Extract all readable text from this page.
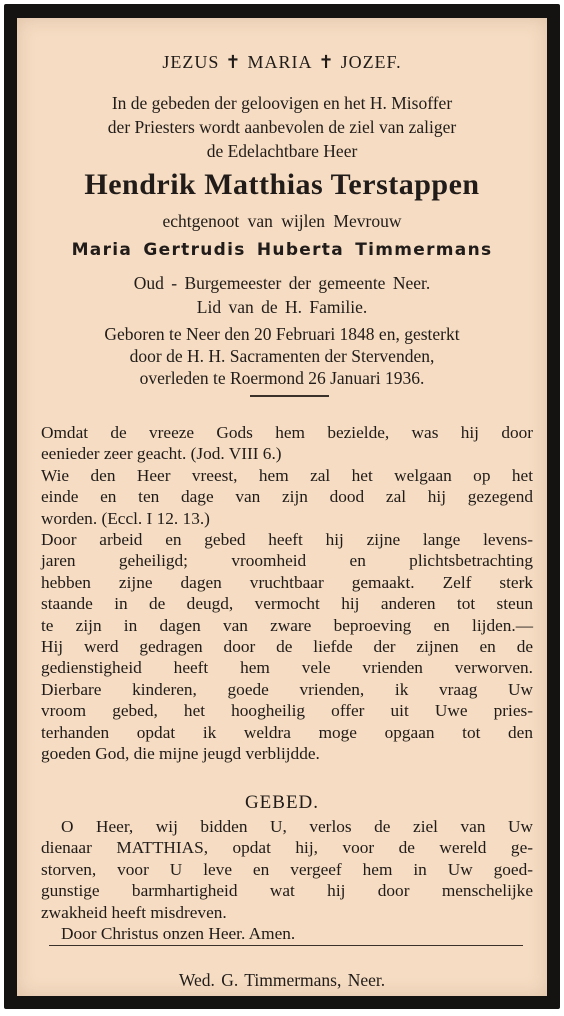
JEZUS ✝ MARIA ✝ JOZEF.
In de gebeden der geloovigen en het H. Misoffer
der Priesters wordt aanbevolen de ziel van zaliger
de Edelachtbare Heer
Hendrik Matthias Terstappen
echtgenoot van wijlen Mevrouw
Maria Gertrudis Huberta Timmermans
Oud - Burgemeester der gemeente Neer.
Lid van de H. Familie.
Geboren te Neer den 20 Februari 1848 en, gesterkt
door de H. H. Sacramenten der Stervenden,
overleden te Roermond 26 Januari 1936.
Omdat de vreeze Gods hem bezielde, was hij door
eenieder zeer geacht. (Jod. VIII 6.)
Wie den Heer vreest, hem zal het welgaan op het
einde en ten dage van zijn dood zal hij gezegend
worden. (Eccl. I 12. 13.)
Door arbeid en gebed heeft hij zijne lange levens-
jaren geheiligd; vroomheid en plichtsbetrachting
hebben zijne dagen vruchtbaar gemaakt. Zelf sterk
staande in de deugd, vermocht hij anderen tot steun
te zijn in dagen van zware beproeving en lijden.—
Hij werd gedragen door de liefde der zijnen en de
gedienstigheid heeft hem vele vrienden verworven.
Dierbare kinderen, goede vrienden, ik vraag Uw
vroom gebed, het hoogheilig offer uit Uwe pries-
terhanden opdat ik weldra moge opgaan tot den
goeden God, die mijne jeugd verblijdde.
GEBED.
O Heer, wij bidden U, verlos de ziel van Uw
dienaar MATTHIAS, opdat hij, voor de wereld ge-
storven, voor U leve en vergeef hem in Uw goed-
gunstige barmhartigheid wat hij door menschelijke
zwakheid heeft misdreven.
Door Christus onzen Heer. Amen.
Wed. G. Timmermans, Neer.
